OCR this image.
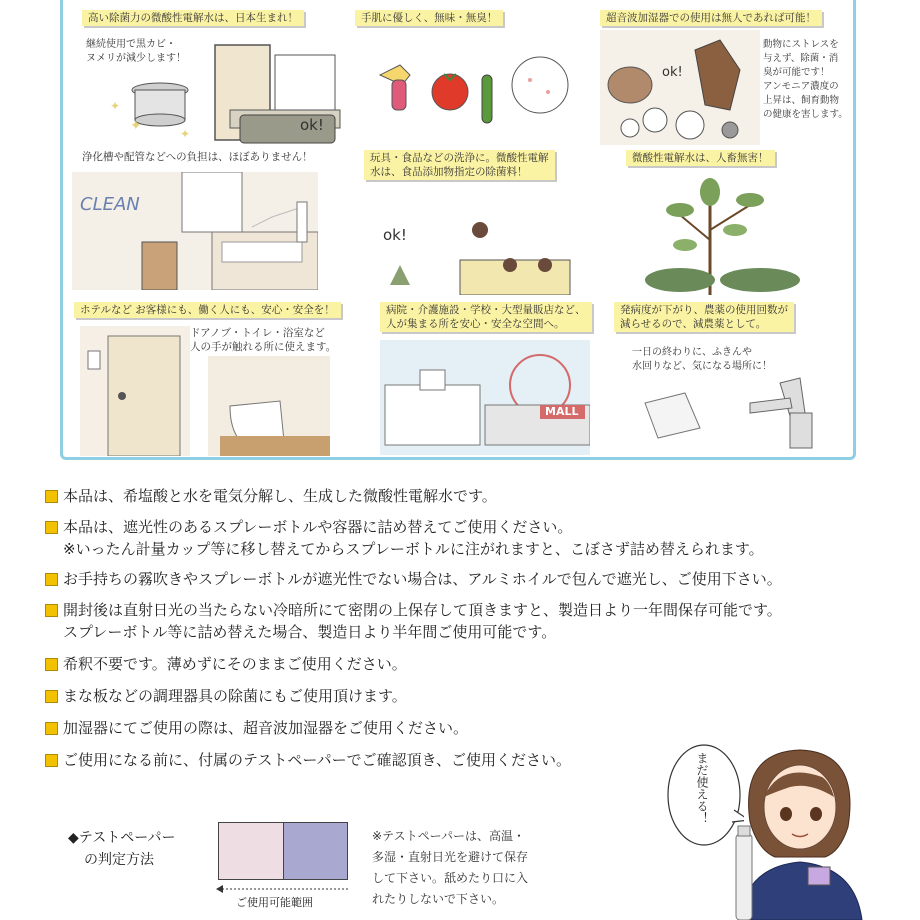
高い除菌力の微酸性電解水は、日本生まれ！
継続使用で黒カビ・
ヌメリが減少します！
✦	✦
✦
ok!
手肌に優しく、無味・無臭！	超音波加湿器での使用は無人であれば可能！
ok!
動物にストレスを
与えず、除菌・消
臭が可能です！
アンモニア濃度の
上昇は、飼育動物
の健康を害します。
浄化槽や配管などへの負担は、ほぼありません！
CLEAN
玩具・食品などの洗浄に。微酸性電解
水は、食品添加物指定の除菌料！
ok!
微酸性電解水は、人畜無害！
ホテルなど お客様にも、働く人にも、安心・安全を！
ドアノブ・トイレ・浴室など
人の手が触れる所に使えます。
病院・介護施設・学校・大型量販店など、
人が集まる所を安心・安全な空間へ。
MALL
発病度が下がり、農薬の使用回数が
減らせるので、減農薬として。
一日の終わりに、ふきんや
水回りなど、気になる場所に！
本品は、希塩酸と水を電気分解し、生成した微酸性電解水です。
本品は、遮光性のあるスプレーボトルや容器に詰め替えてご使用ください。
※いったん計量カップ等に移し替えてからスプレーボトルに注がれますと、こぼさず詰め替えられます。
お手持ちの霧吹きやスプレーボトルが遮光性でない場合は、アルミホイルで包んで遮光し、ご使用下さい。
開封後は直射日光の当たらない冷暗所にて密閉の上保存して頂きますと、製造日より一年間保存可能です。
スプレーボトル等に詰め替えた場合、製造日より半年間ご使用可能です。
希釈不要です。薄めずにそのままご使用ください。
まな板などの調理器具の除菌にもご使用頂けます。
加湿器にてご使用の際は、超音波加湿器をご使用ください。
ご使用になる前に、付属のテストペーパーでご確認頂き、ご使用ください。
◆テストペーパー
の判定方法
ご使用可能範囲
※テストペーパーは、高温・
多湿・直射日光を避けて保存
して下さい。舐めたり口に入
れたりしないで下さい。
まだ使える！
